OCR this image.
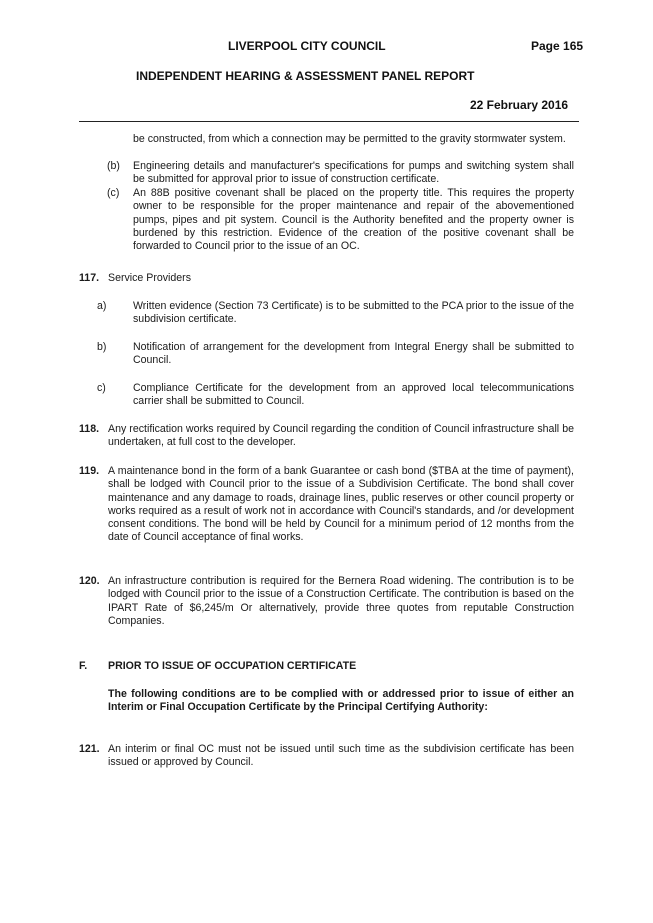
LIVERPOOL CITY COUNCIL	Page 165
INDEPENDENT HEARING & ASSESSMENT PANEL REPORT
22 February 2016
be constructed, from which a connection may be permitted to the gravity stormwater system.
(b) Engineering details and manufacturer's specifications for pumps and switching system shall be submitted for approval prior to issue of construction certificate.
(c) An 88B positive covenant shall be placed on the property title. This requires the property owner to be responsible for the proper maintenance and repair of the abovementioned pumps, pipes and pit system. Council is the Authority benefited and the property owner is burdened by this restriction. Evidence of the creation of the positive covenant shall be forwarded to Council prior to the issue of an OC.
117. Service Providers
a)	Written evidence (Section 73 Certificate) is to be submitted to the PCA prior to the issue of the subdivision certificate.
b)	Notification of arrangement for the development from Integral Energy shall be submitted to Council.
c)	Compliance Certificate for the development from an approved local telecommunications carrier shall be submitted to Council.
118. Any rectification works required by Council regarding the condition of Council infrastructure shall be undertaken, at full cost to the developer.
119. A maintenance bond in the form of a bank Guarantee or cash bond ($TBA at the time of payment), shall be lodged with Council prior to the issue of a Subdivision Certificate. The bond shall cover maintenance and any damage to roads, drainage lines, public reserves or other council property or works required as a result of work not in accordance with Council's standards, and /or development consent conditions. The bond will be held by Council for a minimum period of 12 months from the date of Council acceptance of final works.
120. An infrastructure contribution is required for the Bernera Road widening. The contribution is to be lodged with Council prior to the issue of a Construction Certificate. The contribution is based on the IPART Rate of $6,245/m Or alternatively, provide three quotes from reputable Construction Companies.
F. PRIOR TO ISSUE OF OCCUPATION CERTIFICATE
The following conditions are to be complied with or addressed prior to issue of either an Interim or Final Occupation Certificate by the Principal Certifying Authority:
121. An interim or final OC must not be issued until such time as the subdivision certificate has been issued or approved by Council.
